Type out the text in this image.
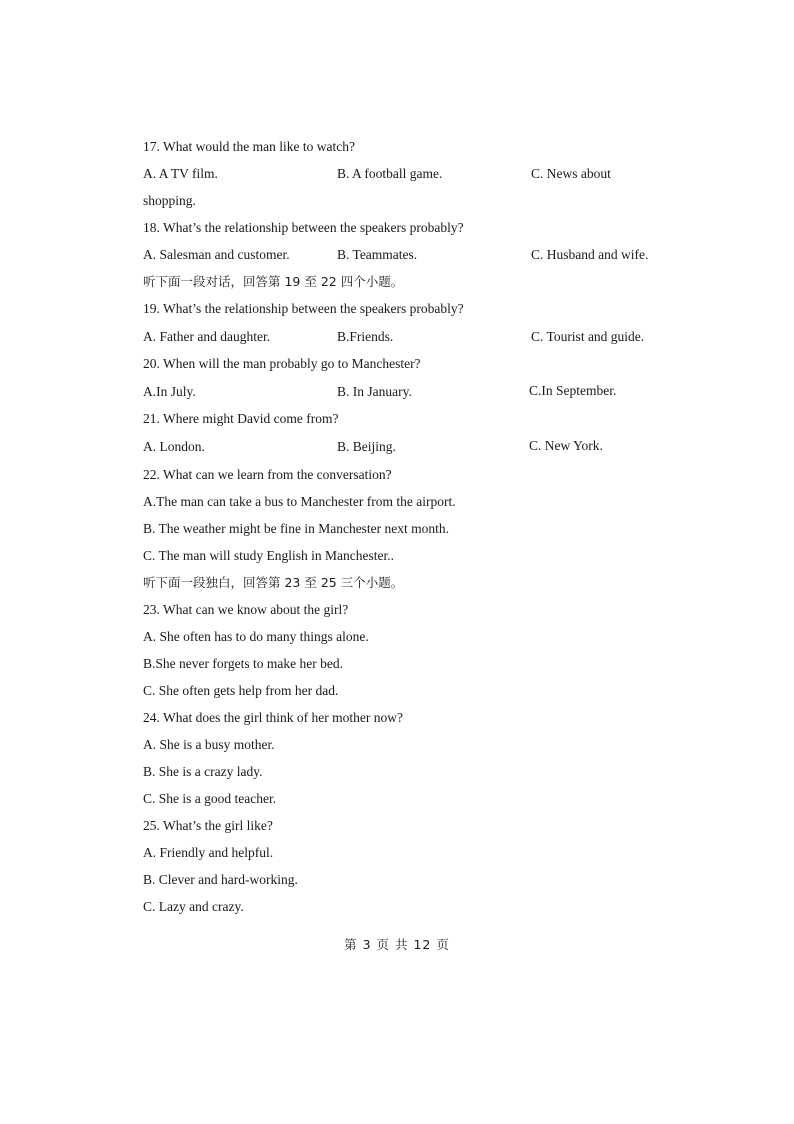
17. What would the man like to watch?
A. A TV film.	B. A football game.	C. News about
shopping.
18. What’s the relationship between the speakers probably?
A. Salesman and customer.	B. Teammates.	C. Husband and wife.
听下面一段对话，回答第 19 至 22 四个小题。
19. What’s the relationship between the speakers probably?
A. Father and daughter.	B.Friends.	C. Tourist and guide.
20. When will the man probably go to Manchester?
A.In July.	B. In January.	C.In September.
21. Where might David come from?
A. London.	B. Beijing.	C. New York.
22. What can we learn from the conversation?
A.The man can take a bus to Manchester from the airport.
B. The weather might be fine in Manchester next month.
C. The man will study English in Manchester..
听下面一段独白，回答第 23 至 25 三个小题。
23. What can we know about the girl?
A. She often has to do many things alone.
B.She never forgets to make her bed.
C. She often gets help from her dad.
24. What does the girl think of her mother now?
A. She is a busy mother.
B. She is a crazy lady.
C. She is a good teacher.
25. What’s the girl like?
A. Friendly and helpful.
B. Clever and hard-working.
C. Lazy and crazy.
第 3 页 共 12 页
